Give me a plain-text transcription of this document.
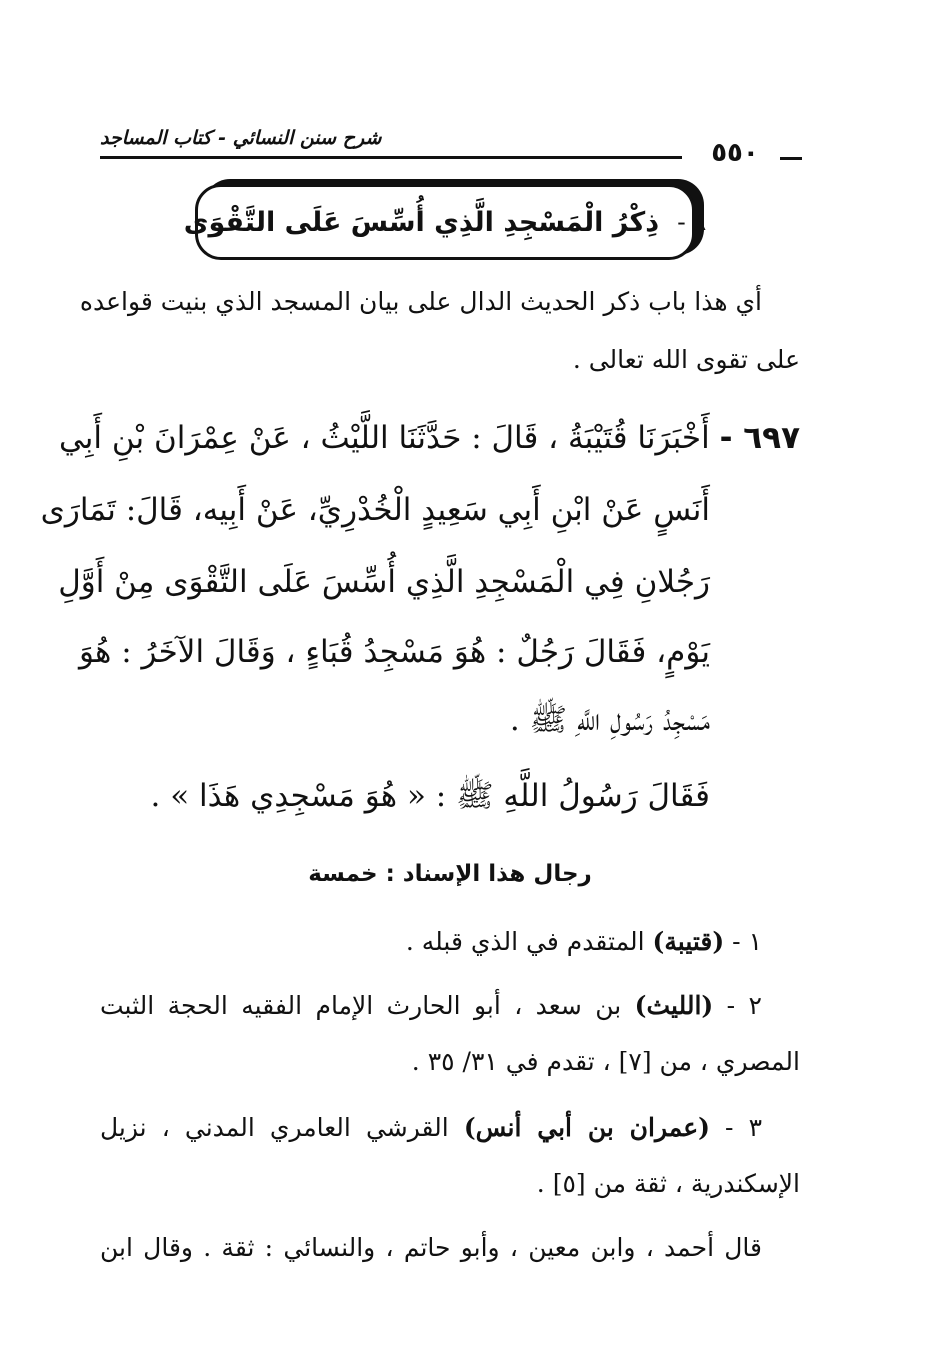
شرح سنن النسائي - كتاب المساجد	٥٥٠
٨ -
ذِكْرُ الْمَسْجِدِ الَّذِي أُسِّسَ عَلَى التَّقْوَى
أي هذا باب ذكر الحديث الدال على بيان المسجد الذي بنيت قواعده
على تقوى الله تعالى .
٦٩٧ - أَخْبَرَنَا قُتَيْبَةُ ، قَالَ : حَدَّثَنَا اللَّيْثُ ، عَنْ عِمْرَانَ بْنِ أَبِي
أَنَسٍ عَنْ ابْنِ أَبِي سَعِيدٍ الْخُدْرِيِّ، عَنْ أَبِيه، قَالَ: تَمَارَى
رَجُلانِ فِي الْمَسْجِدِ الَّذِي أُسِّسَ عَلَى التَّقْوَى مِنْ أَوَّلِ
يَوْمٍ، فَقَالَ رَجُلٌ : هُوَ مَسْجِدُ قُبَاءٍ ، وَقَالَ الآخَرُ : هُوَ
مَسْجِدُ رَسُولِ اللَّهِ ﷺ .
فَقَالَ رَسُولُ اللَّهِ ﷺ : « هُوَ مَسْجِدِي هَذَا » .
رجال هذا الإسناد : خمسة
١ - (قتيبة) المتقدم في الذي قبله .
٢ - (الليث) بن سعد ، أبو الحارث الإمام الفقيه الحجة الثبت
المصري ، من [٧] ، تقدم في ٣١/ ٣٥ .
٣ - (عمران بن أبي أنس) القرشي العامري المدني ، نزيل
الإسكندرية ، ثقة من [٥] .
قال أحمد ، وابن معين ، وأبو حاتم ، والنسائي : ثقة . وقال ابن
